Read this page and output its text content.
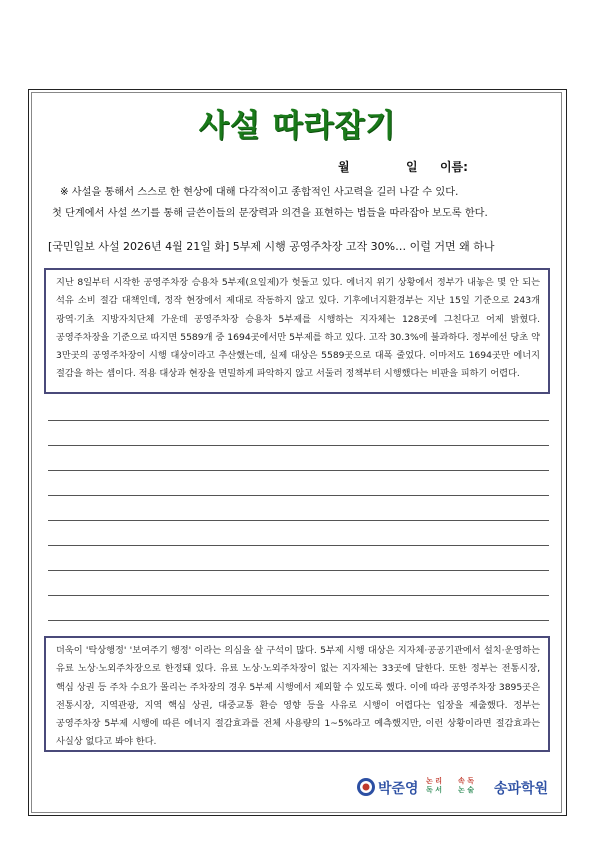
사설 따라잡기
월	일 이름:
※ 사설을 통해서 스스로 한 현상에 대해 다각적이고 종합적인 사고력을 길러 나갈 수 있다.
첫 단계에서 사설 쓰기를 통해 글쓴이들의 문장력과 의견을 표현하는 법들을 따라잡아 보도록 한다.
[국민일보 사설 2026년 4월 21일 화] 5부제 시행 공영주차장 고작 30%… 이럴 거면 왜 하나
지난 8일부터 시작한 공영주차장 승용차 5부제(요일제)가 헛돌고 있다. 에너지 위기 상황에서 정부가 내놓은 몇 안 되는 석유 소비 절감 대책인데, 정작 현장에서 제대로 작동하지 않고 있다. 기후에너지환경부는 지난 15일 기준으로 243개 광역·기초 지방자치단체 가운데 공영주차장 승용차 5부제를 시행하는 지자체는 128곳에 그친다고 어제 밝혔다. 공영주차장을 기준으로 따지면 5589개 중 1694곳에서만 5부제를 하고 있다. 고작 30.3%에 불과하다. 정부에선 당초 약 3만곳의 공영주차장이 시행 대상이라고 추산했는데, 실제 대상은 5589곳으로 대폭 줄었다. 이마저도 1694곳만 에너지 절감을 하는 셈이다. 적용 대상과 현장을 면밀하게 파악하지 않고 서둘러 정책부터 시행했다는 비판을 피하기 어렵다.
더욱이 '탁상행정' '보여주기 행정' 이라는 의심을 살 구석이 많다. 5부제 시행 대상은 지자체·공공기관에서 설치·운영하는 유료 노상·노외주차장으로 한정돼 있다. 유료 노상·노외주차장이 없는 지자체는 33곳에 달한다. 또한 정부는 전통시장, 핵심 상권 등 주차 수요가 몰리는 주차장의 경우 5부제 시행에서 제외할 수 있도록 했다. 이에 따라 공영주차장 3895곳은 전통시장, 지역관광, 지역 핵심 상권, 대중교통 환승 영향 등을 사유로 시행이 어렵다는 입장을 제출했다. 정부는 공영주차장 5부제 시행에 따른 에너지 절감효과를 전체 사용량의 1~5%라고 예측했지만, 이런 상황이라면 절감효과는 사실상 없다고 봐야 한다.
박준영 논 리
독 서
속 독
논 술 송파학원
